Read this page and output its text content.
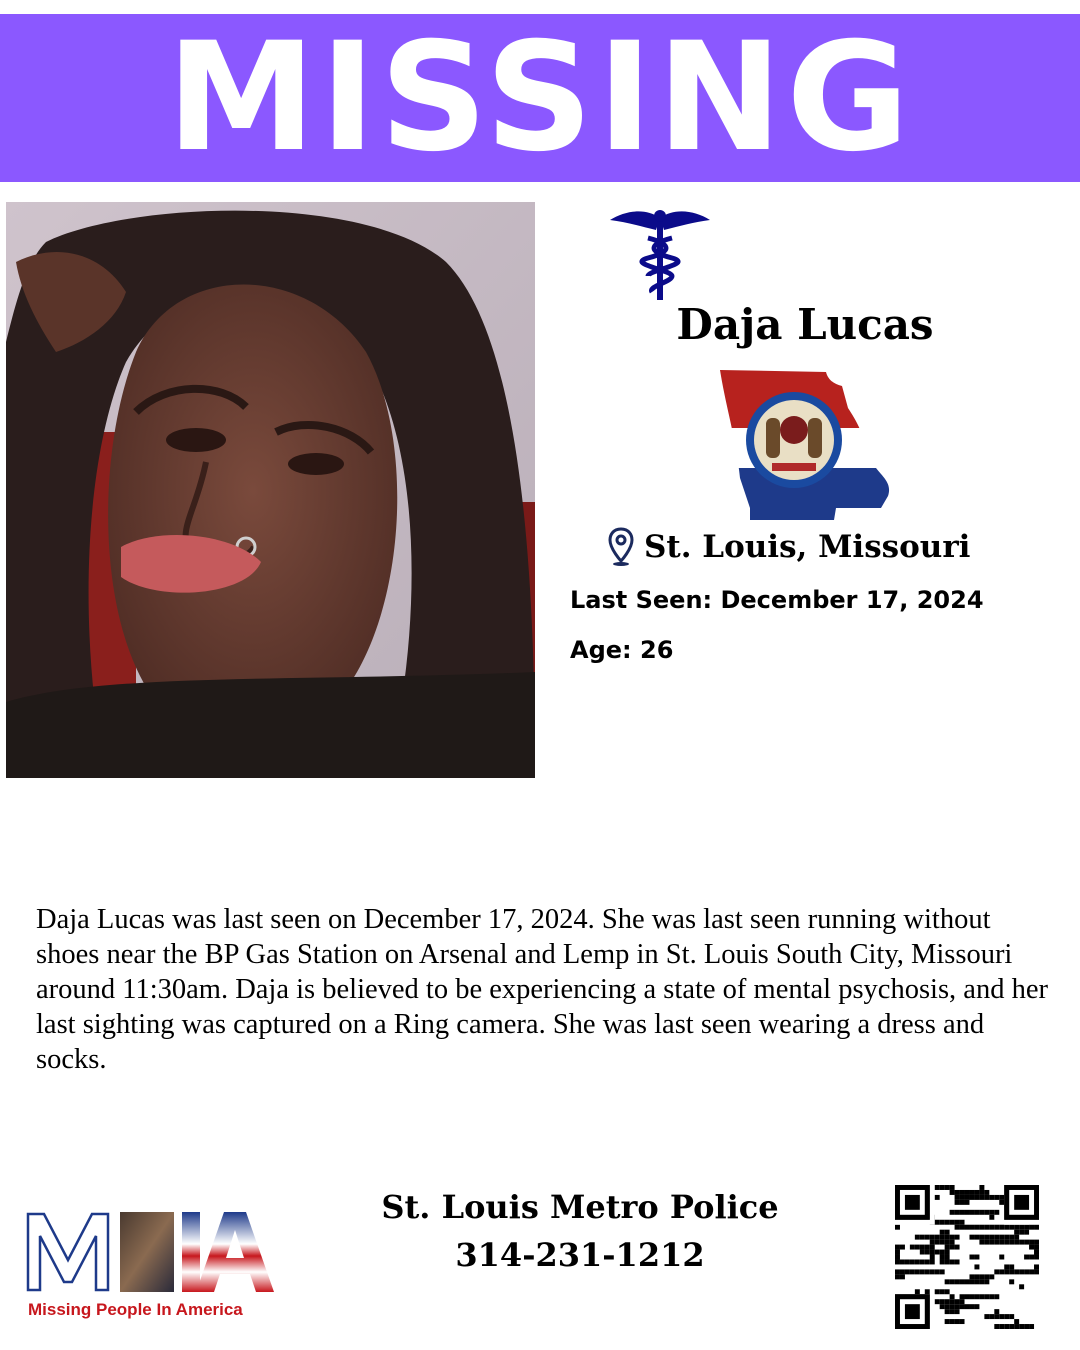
MISSING
Daja Lucas
St. Louis, Missouri
Last Seen: December 17, 2024
Age: 26
Daja Lucas was last seen on December 17, 2024. She was last seen running without shoes near the BP Gas Station on Arsenal and Lemp in St. Louis South City, Missouri around 11:30am. Daja is believed to be experiencing a state of mental psychosis, and her last sighting was captured on a Ring camera. She was last seen wearing a dress and socks.
Missing People In America
St. Louis Metro Police
314-231-1212
